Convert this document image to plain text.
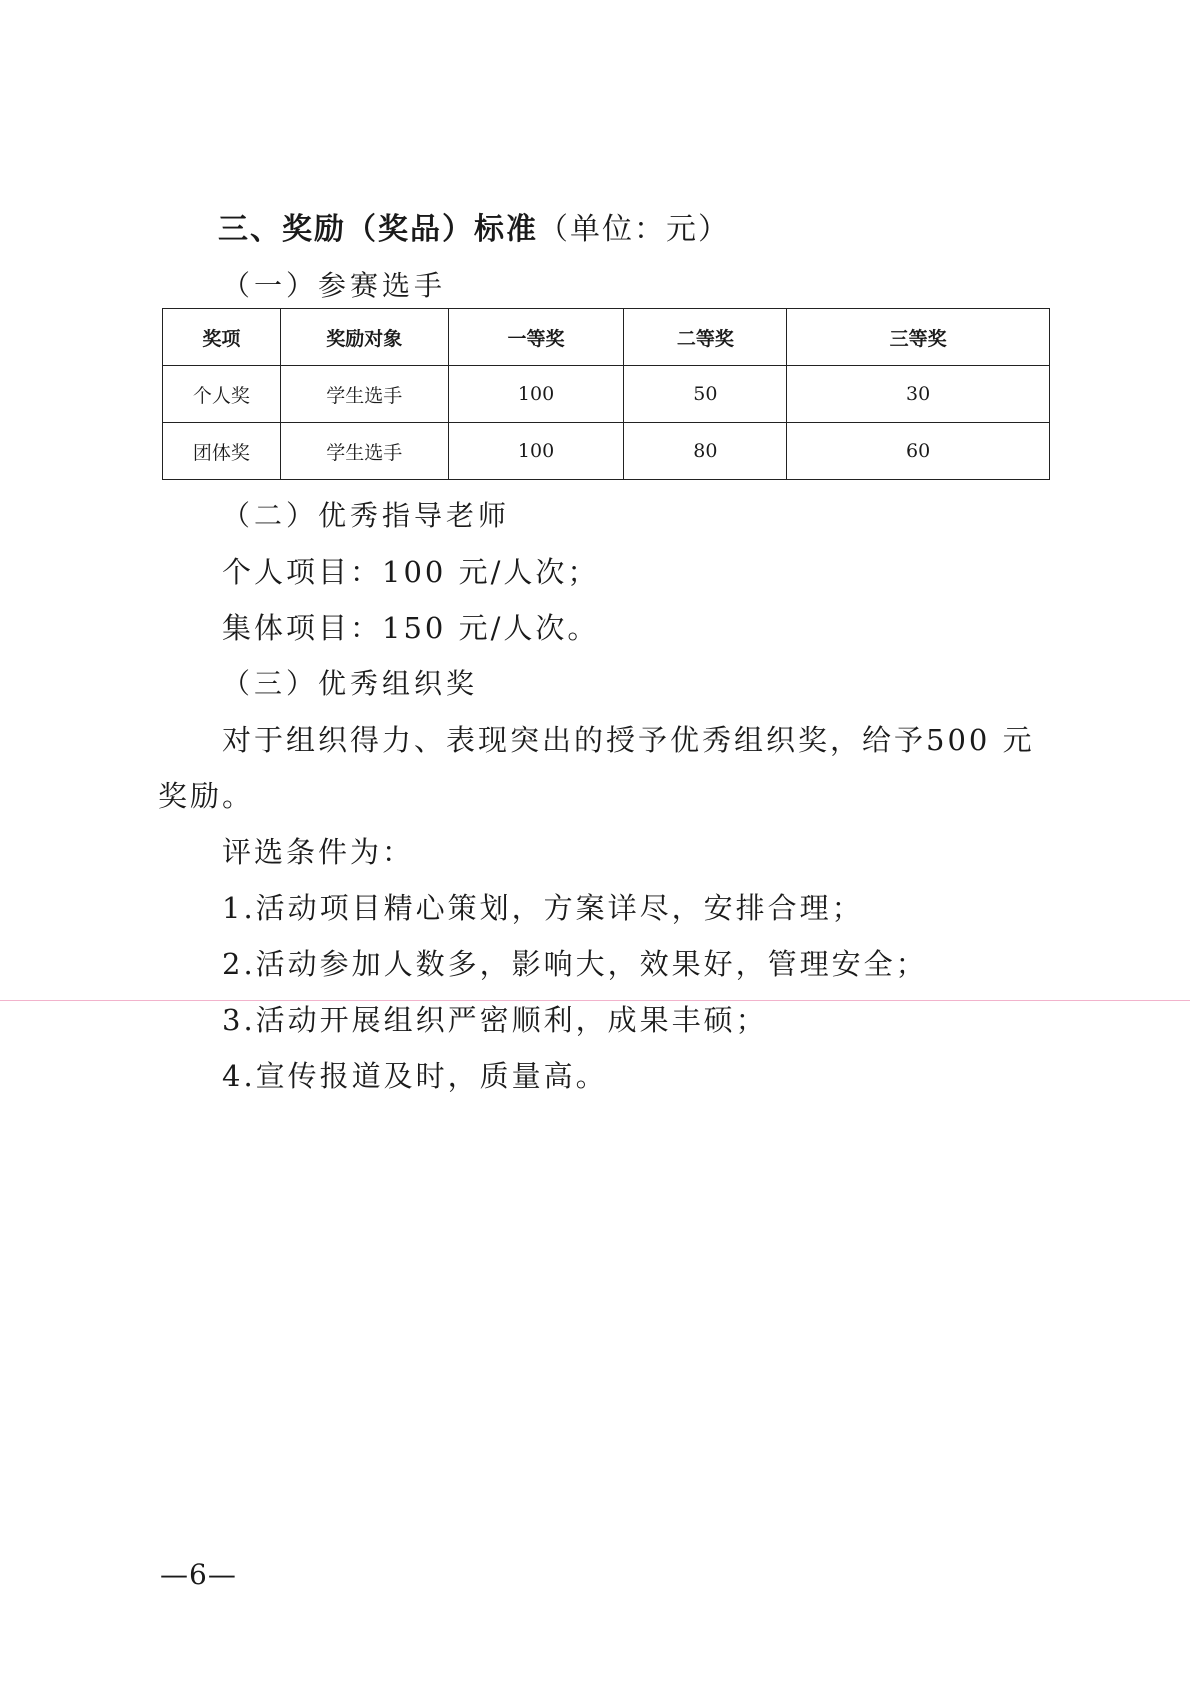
三、奖励（奖品）标准（单位：元）
（一）参赛选手
奖项	奖励对象	一等奖	二等奖	三等奖
个人奖	学生选手	100	50	30
团体奖	学生选手	100	80	60
（二）优秀指导老师
个人项目：100 元/人次；
集体项目：150 元/人次。
（三）优秀组织奖
对于组织得力、表现突出的授予优秀组织奖，给予500 元
奖励。
评选条件为：
1.活动项目精心策划，方案详尽，安排合理；
2.活动参加人数多，影响大，效果好，管理安全；
3.活动开展组织严密顺利，成果丰硕；
4.宣传报道及时，质量高。
—6—
